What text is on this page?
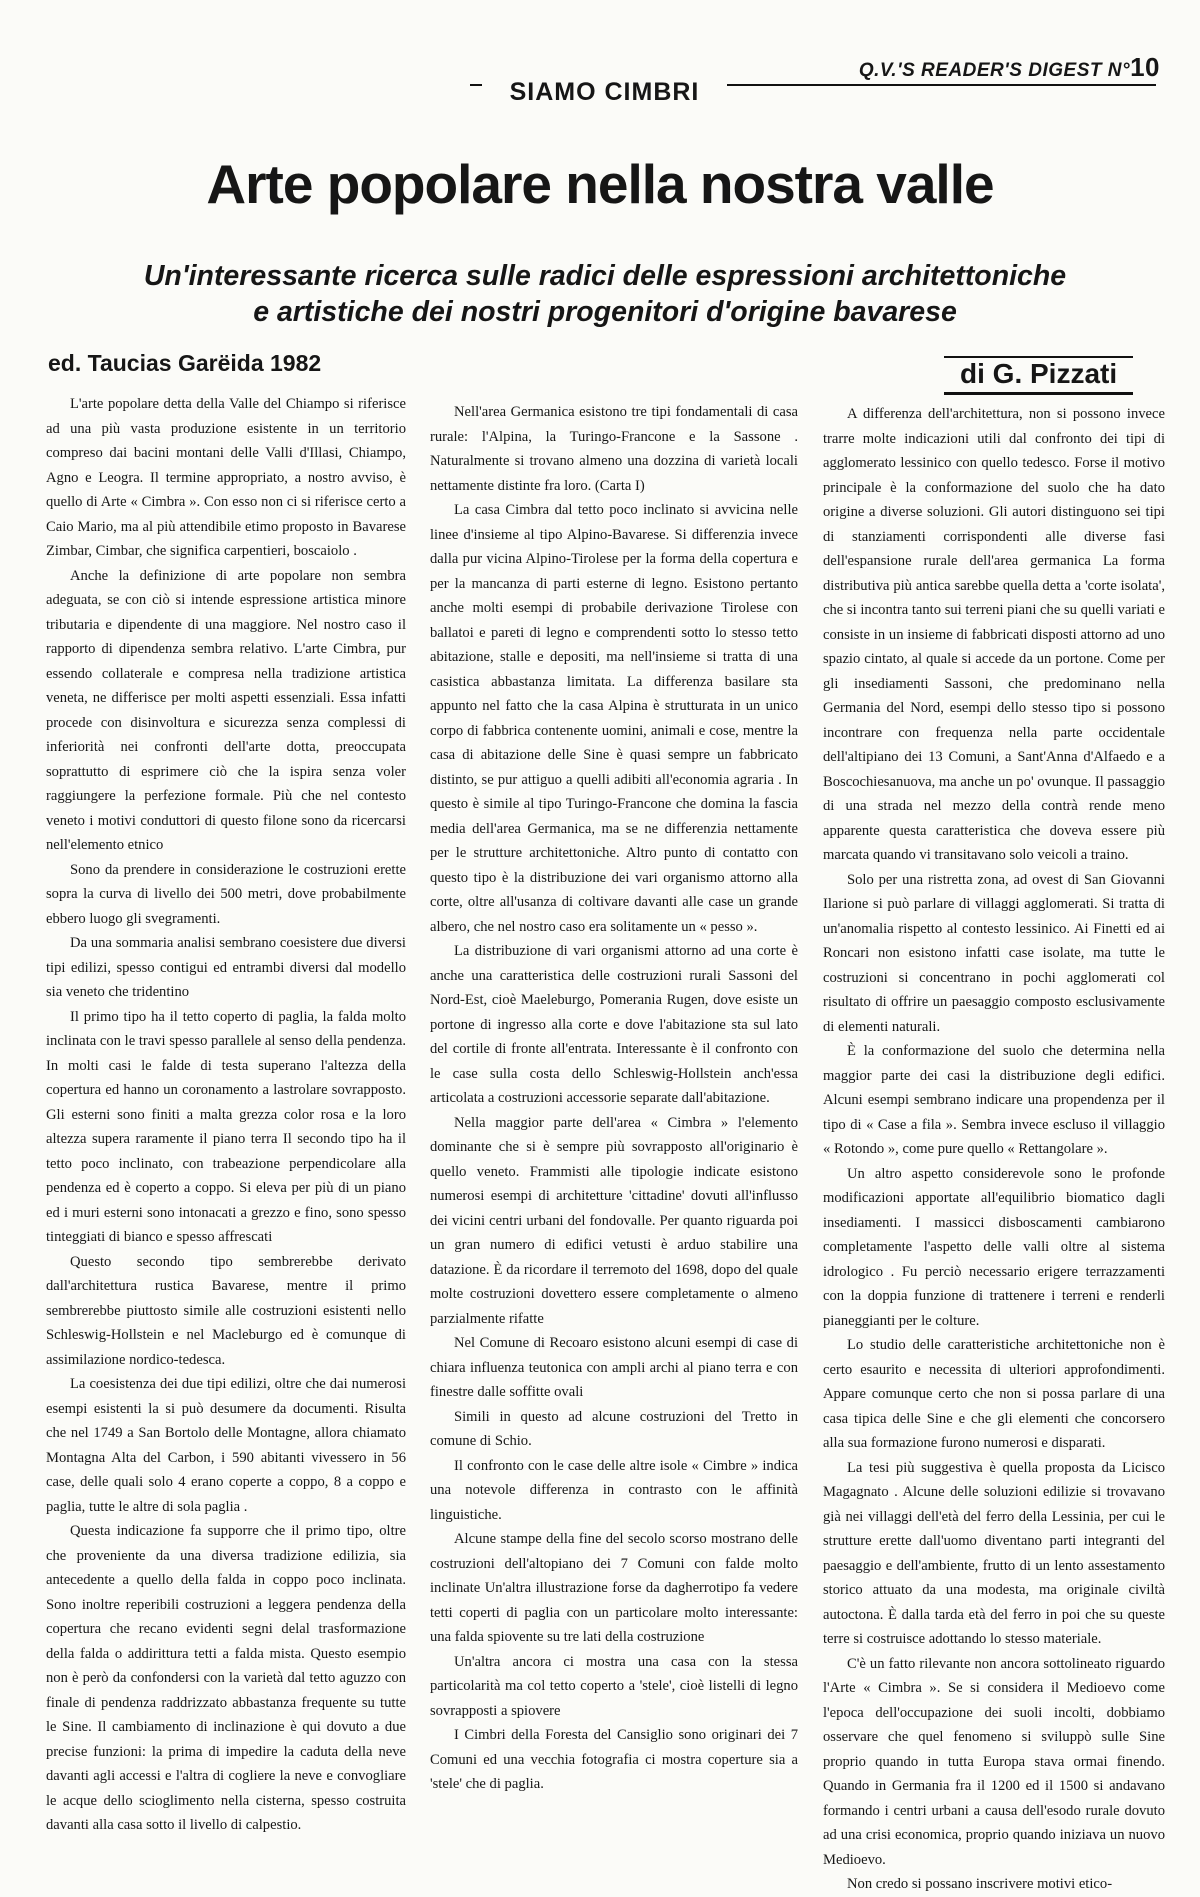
Q.V.'S READER'S DIGEST N°10
SIAMO CIMBRI
Arte popolare nella nostra valle
Un'interessante ricerca sulle radici delle espressioni architettoniche
e artistiche dei nostri progenitori d'origine bavarese
ed. Taucias Garëida 1982	di G. Pizzati

L'arte popolare detta della Valle del Chiampo si riferisce ad una più vasta produzione esistente in un territorio compreso dai bacini montani delle Valli d'Illasi, Chiampo, Agno e Leogra. Il termine appropriato, a nostro avviso, è quello di Arte « Cimbra ». Con esso non ci si riferisce certo a Caio Mario, ma al più attendibile etimo proposto in Bavarese Zimbar, Cimbar, che significa carpentieri, boscaiolo .

Anche la definizione di arte popolare non sembra adeguata, se con ciò si intende espressione artistica minore tributaria e dipendente di una maggiore. Nel nostro caso il rapporto di dipendenza sembra relativo. L'arte Cimbra, pur essendo collaterale e compresa nella tradizione artistica veneta, ne differisce per molti aspetti essenziali. Essa infatti procede con disinvoltura e sicurezza senza complessi di inferiorità nei confronti dell'arte dotta, preoccupata soprattutto di esprimere ciò che la ispira senza voler raggiungere la perfezione formale. Più che nel contesto veneto i motivi conduttori di questo filone sono da ricercarsi nell'elemento etnico

Sono da prendere in considerazione le costruzioni erette sopra la curva di livello dei 500 metri, dove probabilmente ebbero luogo gli svegramenti.

Da una sommaria analisi sembrano coesistere due diversi tipi edilizi, spesso contigui ed entrambi diversi dal modello sia veneto che tridentino

Il primo tipo ha il tetto coperto di paglia, la falda molto inclinata con le travi spesso parallele al senso della pendenza. In molti casi le falde di testa superano l'altezza della copertura ed hanno un coronamento a lastrolare sovrapposto. Gli esterni sono finiti a malta grezza color rosa e la loro altezza supera raramente il piano terra Il secondo tipo ha il tetto poco inclinato, con trabeazione perpendicolare alla pendenza ed è coperto a coppo. Si eleva per più di un piano ed i muri esterni sono intonacati a grezzo e fino, sono spesso tinteggiati di bianco e spesso affrescati

Questo secondo tipo sembrerebbe derivato dall'architettura rustica Bavarese, mentre il primo sembrerebbe piuttosto simile alle costruzioni esistenti nello Schleswig-Hollstein e nel Macleburgo ed è comunque di assimilazione nordico-tedesca.

La coesistenza dei due tipi edilizi, oltre che dai numerosi esempi esistenti la si può desumere da documenti. Risulta che nel 1749 a San Bortolo delle Montagne, allora chiamato Montagna Alta del Carbon, i 590 abitanti vivessero in 56 case, delle quali solo 4 erano coperte a coppo, 8 a coppo e paglia, tutte le altre di sola paglia .

Questa indicazione fa supporre che il primo tipo, oltre che proveniente da una diversa tradizione edilizia, sia antecedente a quello della falda in coppo poco inclinata. Sono inoltre reperibili costruzioni a leggera pendenza della copertura che recano evidenti segni delal trasformazione della falda o addirittura tetti a falda mista. Questo esempio non è però da confondersi con la varietà dal tetto aguzzo con finale di pendenza raddrizzato abbastanza frequente su tutte le Sine. Il cambiamento di inclinazione è qui dovuto a due precise funzioni: la prima di impedire la caduta della neve davanti agli accessi e l'altra di cogliere la neve e convogliare le acque dello scioglimento nella cisterna, spesso costruita davanti alla casa sotto il livello di calpestio.

Nell'area Germanica esistono tre tipi fondamentali di casa rurale: l'Alpina, la Turingo-Francone e la Sassone . Naturalmente si trovano almeno una dozzina di varietà locali nettamente distinte fra loro. (Carta I)

La casa Cimbra dal tetto poco inclinato si avvicina nelle linee d'insieme al tipo Alpino-Bavarese. Si differenzia invece dalla pur vicina Alpino-Tirolese per la forma della copertura e per la mancanza di parti esterne di legno. Esistono pertanto anche molti esempi di probabile derivazione Tirolese con ballatoi e pareti di legno e comprendenti sotto lo stesso tetto abitazione, stalle e depositi, ma nell'insieme si tratta di una casistica abbastanza limitata. La differenza basilare sta appunto nel fatto che la casa Alpina è strutturata in un unico corpo di fabbrica contenente uomini, animali e cose, mentre la casa di abitazione delle Sine è quasi sempre un fabbricato distinto, se pur attiguo a quelli adibiti all'economia agraria . In questo è simile al tipo Turingo-Francone che domina la fascia media dell'area Germanica, ma se ne differenzia nettamente per le strutture architettoniche. Altro punto di contatto con questo tipo è la distribuzione dei vari organismo attorno alla corte, oltre all'usanza di coltivare davanti alle case un grande albero, che nel nostro caso era solitamente un « pesso ».

La distribuzione di vari organismi attorno ad una corte è anche una caratteristica delle costruzioni rurali Sassoni del Nord-Est, cioè Maeleburgo, Pomerania Rugen, dove esiste un portone di ingresso alla corte e dove l'abitazione sta sul lato del cortile di fronte all'entrata. Interessante è il confronto con le case sulla costa dello Schleswig-Hollstein anch'essa articolata a costruzioni accessorie separate dall'abitazione.

Nella maggior parte dell'area « Cimbra » l'elemento dominante che si è sempre più sovrapposto all'originario è quello veneto. Frammisti alle tipologie indicate esistono numerosi esempi di architetture 'cittadine' dovuti all'influsso dei vicini centri urbani del fondovalle. Per quanto riguarda poi un gran numero di edifici vetusti è arduo stabilire una datazione. È da ricordare il terremoto del 1698, dopo del quale molte costruzioni dovettero essere completamente o almeno parzialmente rifatte

Nel Comune di Recoaro esistono alcuni esempi di case di chiara influenza teutonica con ampli archi al piano terra e con finestre dalle soffitte ovali

Simili in questo ad alcune costruzioni del Tretto in comune di Schio.

Il confronto con le case delle altre isole « Cimbre » indica una notevole differenza in contrasto con le affinità linguistiche.

Alcune stampe della fine del secolo scorso mostrano delle costruzioni dell'altopiano dei 7 Comuni con falde molto inclinate Un'altra illustrazione forse da dagherrotipo fa vedere tetti coperti di paglia con un particolare molto interessante: una falda spiovente su tre lati della costruzione

Un'altra ancora ci mostra una casa con la stessa particolarità ma col tetto coperto a 'stele', cioè listelli di legno sovrapposti a spiovere

I Cimbri della Foresta del Cansiglio sono originari dei 7 Comuni ed una vecchia fotografia ci mostra coperture sia a 'stele' che di paglia.

A differenza dell'architettura, non si possono invece trarre molte indicazioni utili dal confronto dei tipi di agglomerato lessinico con quello tedesco. Forse il motivo principale è la conformazione del suolo che ha dato origine a diverse soluzioni. Gli autori distinguono sei tipi di stanziamenti corrispondenti alle diverse fasi dell'espansione rurale dell'area germanica La forma distributiva più antica sarebbe quella detta a 'corte isolata', che si incontra tanto sui terreni piani che su quelli variati e consiste in un insieme di fabbricati disposti attorno ad uno spazio cintato, al quale si accede da un portone. Come per gli insediamenti Sassoni, che predominano nella Germania del Nord, esempi dello stesso tipo si possono incontrare con frequenza nella parte occidentale dell'altipiano dei 13 Comuni, a Sant'Anna d'Alfaedo e a Boscochiesanuova, ma anche un po' ovunque. Il passaggio di una strada nel mezzo della contrà rende meno apparente questa caratteristica che doveva essere più marcata quando vi transitavano solo veicoli a traino.

Solo per una ristretta zona, ad ovest di San Giovanni Ilarione si può parlare di villaggi agglomerati. Si tratta di un'anomalia rispetto al contesto lessinico. Ai Finetti ed ai Roncari non esistono infatti case isolate, ma tutte le costruzioni si concentrano in pochi agglomerati col risultato di offrire un paesaggio composto esclusivamente di elementi naturali.

È la conformazione del suolo che determina nella maggior parte dei casi la distribuzione degli edifici. Alcuni esempi sembrano indicare una propendenza per il tipo di « Case a fila ». Sembra invece escluso il villaggio « Rotondo », come pure quello « Rettangolare ».

Un altro aspetto considerevole sono le profonde modificazioni apportate all'equilibrio biomatico dagli insediamenti. I massicci disboscamenti cambiarono completamente l'aspetto delle valli oltre al sistema idrologico . Fu perciò necessario erigere terrazzamenti con la doppia funzione di trattenere i terreni e renderli pianeggianti per le colture.

Lo studio delle caratteristiche architettoniche non è certo esaurito e necessita di ulteriori approfondimenti. Appare comunque certo che non si possa parlare di una casa tipica delle Sine e che gli elementi che concorsero alla sua formazione furono numerosi e disparati.

La tesi più suggestiva è quella proposta da Licisco Magagnato . Alcune delle soluzioni edilizie si trovavano già nei villaggi dell'età del ferro della Lessinia, per cui le strutture erette dall'uomo diventano parti integranti del paesaggio e dell'ambiente, frutto di un lento assestamento storico attuato da una modesta, ma originale civiltà autoctona. È dalla tarda età del ferro in poi che su queste terre si costruisce adottando lo stesso materiale.

C'è un fatto rilevante non ancora sottolineato riguardo l'Arte « Cimbra ». Se si considera il Medioevo come l'epoca dell'occupazione dei suoli incolti, dobbiamo osservare che quel fenomeno si sviluppò sulle Sine proprio quando in tutta Europa stava ormai finendo. Quando in Germania fra il 1200 ed il 1500 si andavano formando i centri urbani a causa dell'esodo rurale dovuto ad una crisi economica, proprio quando iniziava un nuovo Medioevo.

Non credo si possano inscrivere motivi etico-
